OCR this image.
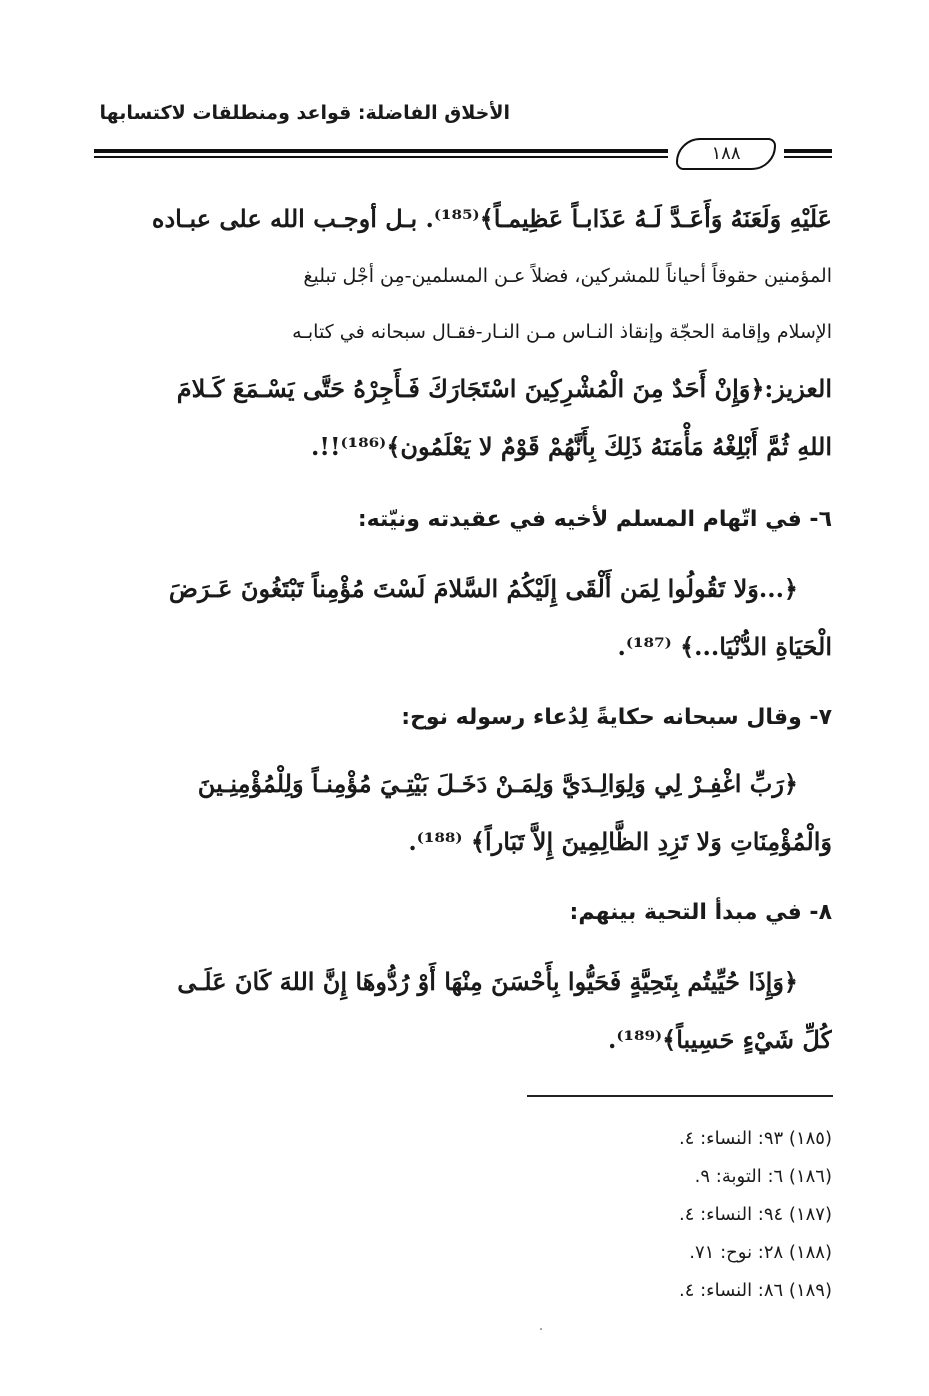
الأخلاق الفاضلة: قواعد ومنطلقات لاكتسابها
١٨٨
عَلَيْهِ وَلَعَنَهُ وَأَعَـدَّ لَـهُ عَذَابـاً عَظِيمـاً﴾⁽¹⁸⁵⁾. بـل أوجـب الله على عبـاده
المؤمنين حقوقاً أحياناً للمشركين، فضلاً عـن المسلمين-مِن أجْل تبليغ
الإسلام وإقامة الحجّة وإنقاذ النـاس مـن النـار-فقـال سبحانه في كتابـه
العزيز:﴿وَإِنْ أَحَدٌ مِنَ الْمُشْرِكِينَ اسْتَجَارَكَ فَـأَجِرْهُ حَتَّى يَسْـمَعَ كَـلامَ
اللهِ ثُمَّ أَبْلِغْهُ مَأْمَنَهُ ذَلِكَ بِأَنَّهُمْ قَوْمٌ لا يَعْلَمُون﴾⁽¹⁸⁶⁾!!.
٦- في اتّهام المسلم لأخيه في عقيدته ونيّته:
﴿...وَلا تَقُولُوا لِمَن أَلْقَى إِلَيْكُمُ السَّلامَ لَسْتَ مُؤْمِناً تَبْتَغُونَ عَـرَضَ
الْحَيَاةِ الدُّنْيَا...﴾ ⁽¹⁸⁷⁾.
٧- وقال سبحانه حكايةً لِدُعاء رسوله نوح:
﴿رَبِّ اغْفِـرْ لِي وَلِوَالِـدَيَّ وَلِمَـنْ دَخَـلَ بَيْتِـيَ مُؤْمِنـاً وَلِلْمُؤْمِنِـينَ
وَالْمُؤْمِنَاتِ وَلا تَزِدِ الظَّالِمِينَ إِلاَّ تَبَاراً﴾ ⁽¹⁸⁸⁾.
٨- في مبدأ التحية بينهم:
﴿وَإِذَا حُيِّيتُم بِتَحِيَّةٍ فَحَيُّوا بِأَحْسَنَ مِنْهَا أَوْ رُدُّوهَا إِنَّ اللهَ كَانَ عَلَـى
كُلِّ شَيْءٍ حَسِيباً﴾⁽¹⁸⁹⁾.
(١٨٥) ٩٣: النساء: ٤.
(١٨٦) ٦: التوبة: ٩.
(١٨٧) ٩٤: النساء: ٤.
(١٨٨) ٢٨: نوح: ٧١.
(١٨٩) ٨٦: النساء: ٤.
